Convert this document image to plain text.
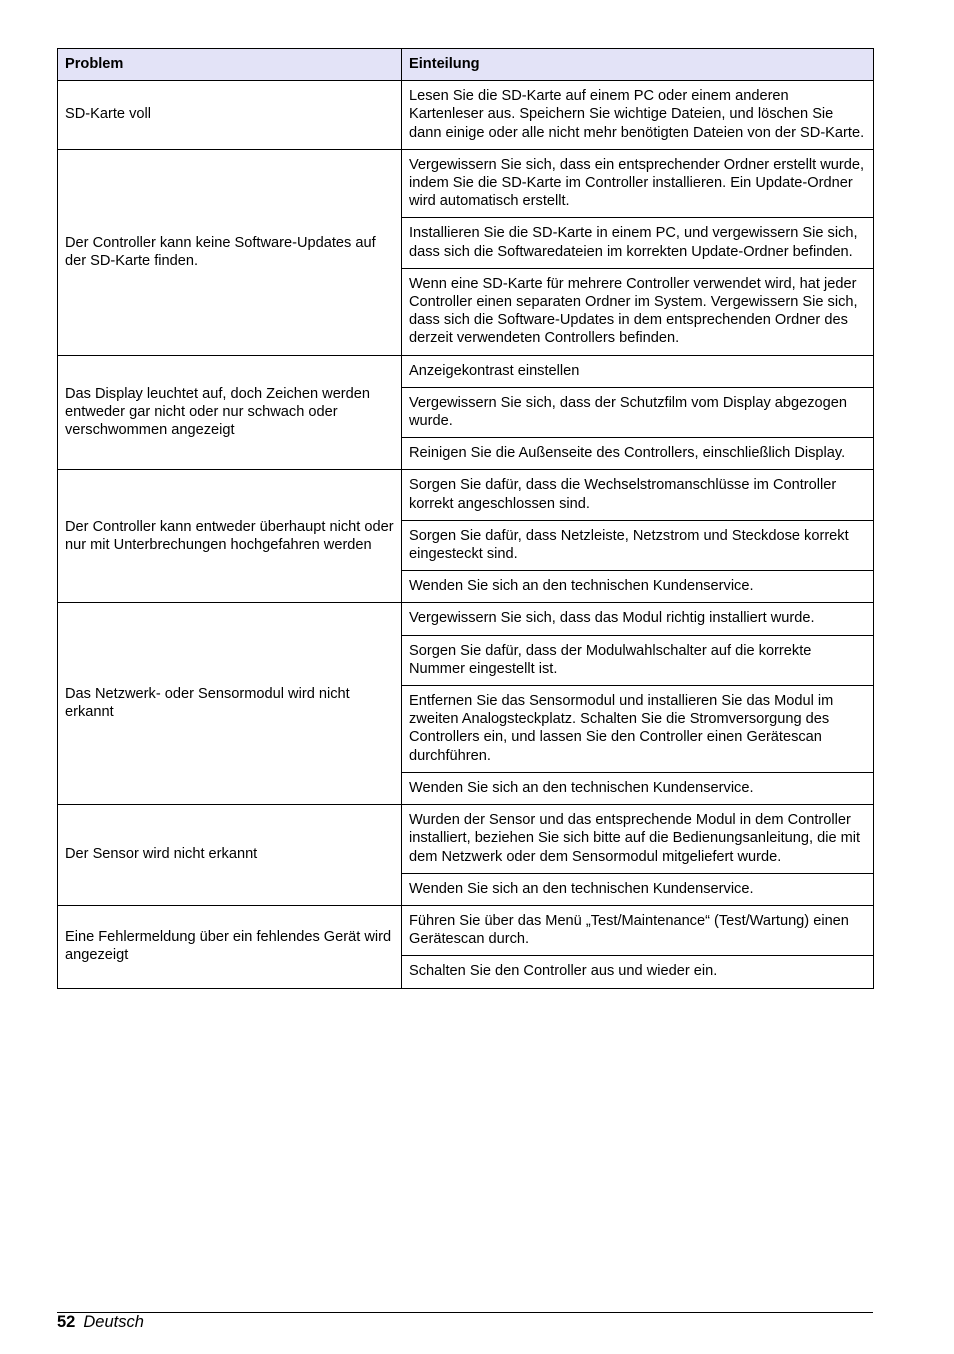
Problem	Einteilung
SD-Karte voll	Lesen Sie die SD-Karte auf einem PC oder einem anderen Kartenleser aus. Speichern Sie wichtige Dateien, und löschen Sie dann einige oder alle nicht mehr benötigten Dateien von der SD-Karte.
Der Controller kann keine Software-Updates auf der SD-Karte finden.	Vergewissern Sie sich, dass ein entsprechender Ordner erstellt wurde, indem Sie die SD-Karte im Controller installieren. Ein Update-Ordner wird automatisch erstellt.
	Installieren Sie die SD-Karte in einem PC, und vergewissern Sie sich, dass sich die Softwaredateien im korrekten Update-Ordner befinden.
	Wenn eine SD-Karte für mehrere Controller verwendet wird, hat jeder Controller einen separaten Ordner im System. Vergewissern Sie sich, dass sich die Software-Updates in dem entsprechenden Ordner des derzeit verwendeten Controllers befinden.
Das Display leuchtet auf, doch Zeichen werden entweder gar nicht oder nur schwach oder verschwommen angezeigt	Anzeigekontrast einstellen
	Vergewissern Sie sich, dass der Schutzfilm vom Display abgezogen wurde.
	Reinigen Sie die Außenseite des Controllers, einschließlich Display.
Der Controller kann entweder überhaupt nicht oder nur mit Unterbrechungen hochgefahren werden	Sorgen Sie dafür, dass die Wechselstromanschlüsse im Controller korrekt angeschlossen sind.
	Sorgen Sie dafür, dass Netzleiste, Netzstrom und Steckdose korrekt eingesteckt sind.
	Wenden Sie sich an den technischen Kundenservice.
Das Netzwerk- oder Sensormodul wird nicht erkannt	Vergewissern Sie sich, dass das Modul richtig installiert wurde.
	Sorgen Sie dafür, dass der Modulwahlschalter auf die korrekte Nummer eingestellt ist.
	Entfernen Sie das Sensormodul und installieren Sie das Modul im zweiten Analogsteckplatz. Schalten Sie die Stromversorgung des Controllers ein, und lassen Sie den Controller einen Gerätescan durchführen.
	Wenden Sie sich an den technischen Kundenservice.
Der Sensor wird nicht erkannt	Wurden der Sensor und das entsprechende Modul in dem Controller installiert, beziehen Sie sich bitte auf die Bedienungsanleitung, die mit dem Netzwerk oder dem Sensormodul mitgeliefert wurde.
	Wenden Sie sich an den technischen Kundenservice.
Eine Fehlermeldung über ein fehlendes Gerät wird angezeigt	Führen Sie über das Menü „Test/Maintenance“ (Test/Wartung) einen Gerätescan durch.
	Schalten Sie den Controller aus und wieder ein.
52 Deutsch
